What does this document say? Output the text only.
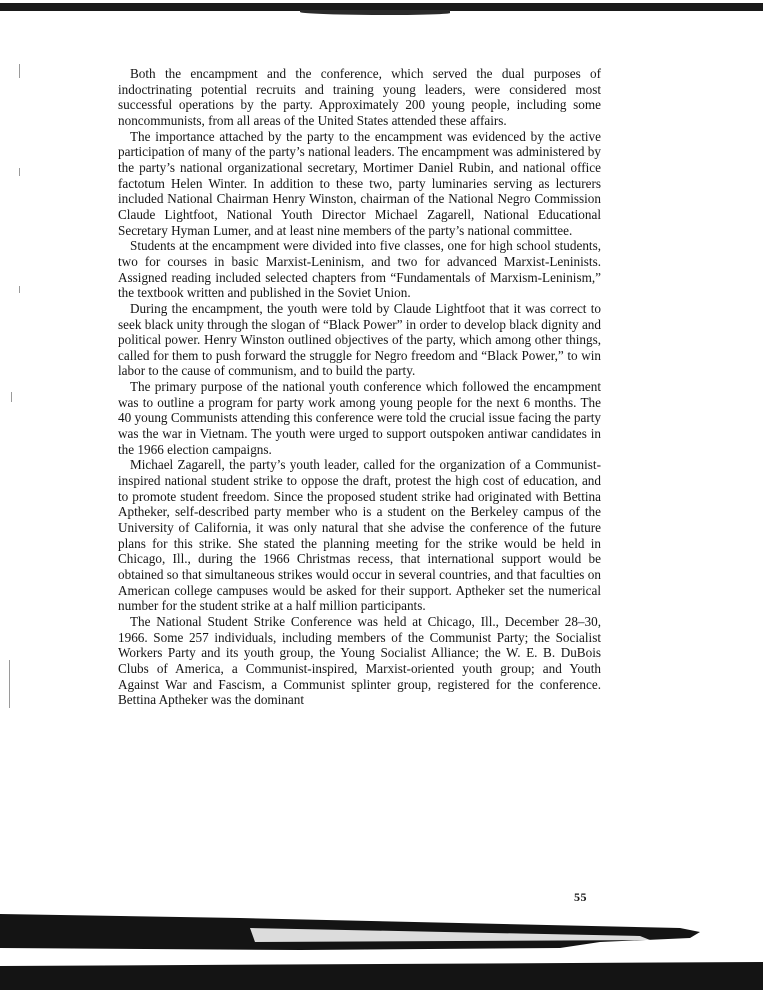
Both the encampment and the conference, which served the dual purposes of indoctrinating potential recruits and training young leaders, were considered most successful operations by the party. Approximately 200 young people, including some noncommunists, from all areas of the United States attended these affairs.

The importance attached by the party to the encampment was evidenced by the active participation of many of the party’s national leaders. The encampment was administered by the party’s national organizational secretary, Mortimer Daniel Rubin, and national office factotum Helen Winter. In addition to these two, party luminaries serving as lecturers included National Chairman Henry Winston, chairman of the National Negro Commission Claude Lightfoot, National Youth Director Michael Zagarell, National Educational Secretary Hyman Lumer, and at least nine members of the party’s national committee.

Students at the encampment were divided into five classes, one for high school students, two for courses in basic Marxist-Leninism, and two for advanced Marxist-Leninists. Assigned reading included selected chapters from “Fundamentals of Marxism-Leninism,” the textbook written and published in the Soviet Union.

During the encampment, the youth were told by Claude Lightfoot that it was correct to seek black unity through the slogan of “Black Power” in order to develop black dignity and political power. Henry Winston outlined objectives of the party, which among other things, called for them to push forward the struggle for Negro freedom and “Black Power,” to win labor to the cause of communism, and to build the party.

The primary purpose of the national youth conference which followed the encampment was to outline a program for party work among young people for the next 6 months. The 40 young Communists attending this conference were told the crucial issue facing the party was the war in Vietnam. The youth were urged to support outspoken antiwar candidates in the 1966 election campaigns.

Michael Zagarell, the party’s youth leader, called for the organization of a Communist-inspired national student strike to oppose the draft, protest the high cost of education, and to promote student freedom. Since the proposed student strike had originated with Bettina Aptheker, self-described party member who is a student on the Berkeley campus of the University of California, it was only natural that she advise the conference of the future plans for this strike. She stated the planning meeting for the strike would be held in Chicago, Ill., during the 1966 Christmas recess, that international support would be obtained so that simultaneous strikes would occur in several countries, and that faculties on American college campuses would be asked for their support. Aptheker set the numerical number for the student strike at a half million participants.

The National Student Strike Conference was held at Chicago, Ill., December 28–30, 1966. Some 257 individuals, including members of the Communist Party; the Socialist Workers Party and its youth group, the Young Socialist Alliance; the W. E. B. DuBois Clubs of America, a Communist-inspired, Marxist-oriented youth group; and Youth Against War and Fascism, a Communist splinter group, registered for the conference. Bettina Aptheker was the dominant

55
